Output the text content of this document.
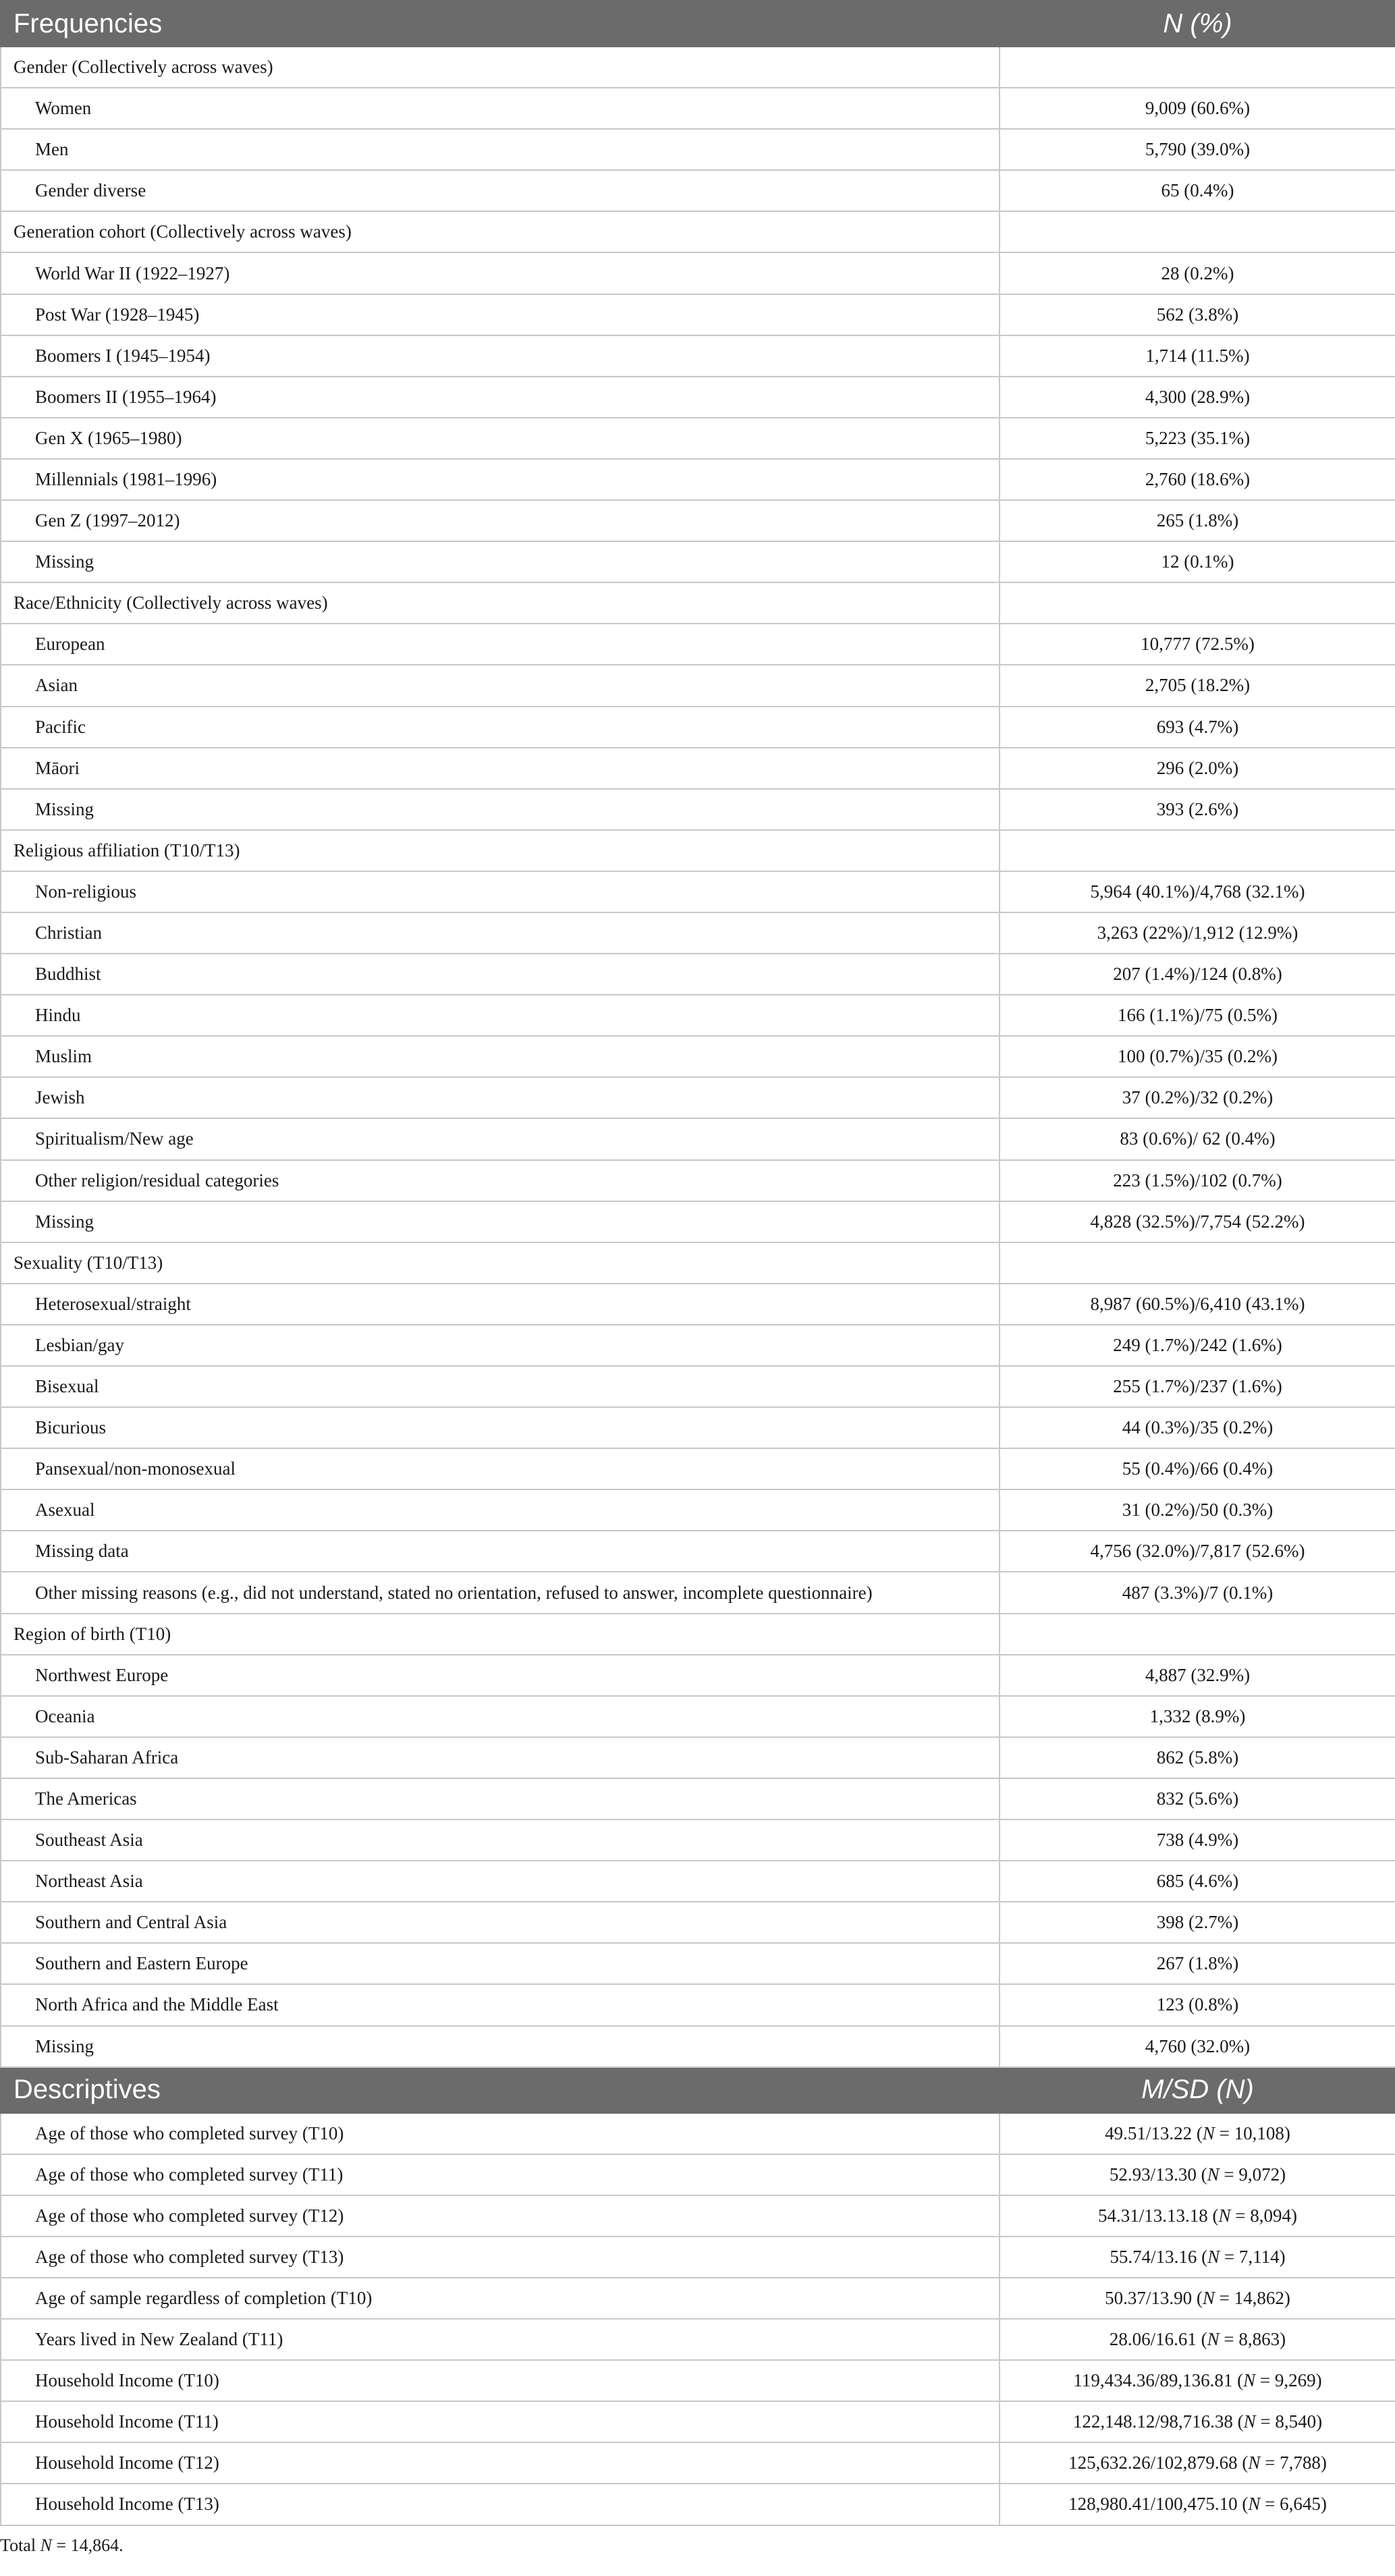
Frequencies	N (%)
Gender (Collectively across waves)	
Women	9,009 (60.6%)
Men	5,790 (39.0%)
Gender diverse	65 (0.4%)
Generation cohort (Collectively across waves)	
World War II (1922–1927)	28 (0.2%)
Post War (1928–1945)	562 (3.8%)
Boomers I (1945–1954)	1,714 (11.5%)
Boomers II (1955–1964)	4,300 (28.9%)
Gen X (1965–1980)	5,223 (35.1%)
Millennials (1981–1996)	2,760 (18.6%)
Gen Z (1997–2012)	265 (1.8%)
Missing	12 (0.1%)
Race/Ethnicity (Collectively across waves)	
European	10,777 (72.5%)
Asian	2,705 (18.2%)
Pacific	693 (4.7%)
Māori	296 (2.0%)
Missing	393 (2.6%)
Religious affiliation (T10/T13)	
Non-religious	5,964 (40.1%)/4,768 (32.1%)
Christian	3,263 (22%)/1,912 (12.9%)
Buddhist	207 (1.4%)/124 (0.8%)
Hindu	166 (1.1%)/75 (0.5%)
Muslim	100 (0.7%)/35 (0.2%)
Jewish	37 (0.2%)/32 (0.2%)
Spiritualism/New age	83 (0.6%)/ 62 (0.4%)
Other religion/residual categories	223 (1.5%)/102 (0.7%)
Missing	4,828 (32.5%)/7,754 (52.2%)
Sexuality (T10/T13)	
Heterosexual/straight	8,987 (60.5%)/6,410 (43.1%)
Lesbian/gay	249 (1.7%)/242 (1.6%)
Bisexual	255 (1.7%)/237 (1.6%)
Bicurious	44 (0.3%)/35 (0.2%)
Pansexual/non-monosexual	55 (0.4%)/66 (0.4%)
Asexual	31 (0.2%)/50 (0.3%)
Missing data	4,756 (32.0%)/7,817 (52.6%)
Other missing reasons (e.g., did not understand, stated no orientation, refused to answer, incomplete questionnaire)	487 (3.3%)/7 (0.1%)
Region of birth (T10)	
Northwest Europe	4,887 (32.9%)
Oceania	1,332 (8.9%)
Sub-Saharan Africa	862 (5.8%)
The Americas	832 (5.6%)
Southeast Asia	738 (4.9%)
Northeast Asia	685 (4.6%)
Southern and Central Asia	398 (2.7%)
Southern and Eastern Europe	267 (1.8%)
North Africa and the Middle East	123 (0.8%)
Missing	4,760 (32.0%)
Descriptives	M/SD (N)
Age of those who completed survey (T10)	49.51/13.22 (N = 10,108)
Age of those who completed survey (T11)	52.93/13.30 (N = 9,072)
Age of those who completed survey (T12)	54.31/13.13.18 (N = 8,094)
Age of those who completed survey (T13)	55.74/13.16 (N = 7,114)
Age of sample regardless of completion (T10)	50.37/13.90 (N = 14,862)
Years lived in New Zealand (T11)	28.06/16.61 (N = 8,863)
Household Income (T10)	119,434.36/89,136.81 (N = 9,269)
Household Income (T11)	122,148.12/98,716.38 (N = 8,540)
Household Income (T12)	125,632.26/102,879.68 (N = 7,788)
Household Income (T13)	128,980.41/100,475.10 (N = 6,645)
Total N = 14,864.
